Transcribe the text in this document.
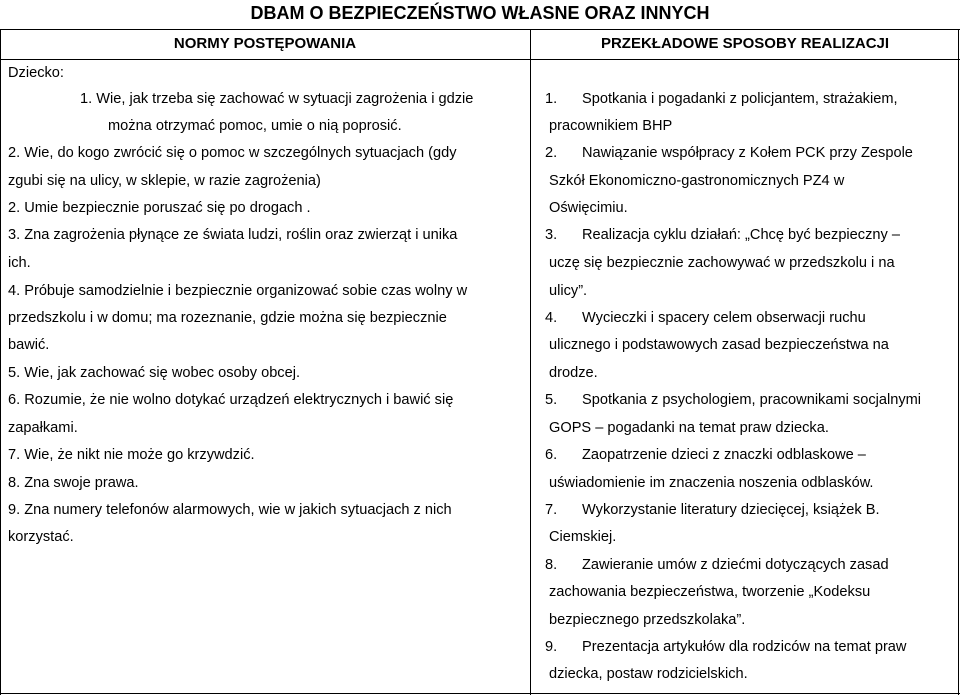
DBAM O BEZPIECZEŃSTWO WŁASNE ORAZ INNYCH
NORMY POSTĘPOWANIA	PRZEKŁADOWE SPOSOBY REALIZACJI
Dziecko:
1. Wie, jak trzeba się zachować w sytuacji zagrożenia i gdzie
można otrzymać pomoc, umie o nią poprosić.
2. Wie, do kogo zwrócić się o pomoc w szczególnych sytuacjach (gdy
zgubi się na ulicy, w sklepie, w razie zagrożenia)
2. Umie bezpiecznie poruszać się po drogach .
3. Zna zagrożenia płynące ze świata ludzi, roślin oraz zwierząt i unika
ich.
4. Próbuje samodzielnie i bezpiecznie organizować sobie czas wolny w
przedszkolu i w domu; ma rozeznanie, gdzie można się bezpiecznie
bawić.
5. Wie, jak zachować się wobec osoby obcej.
6. Rozumie, że nie wolno dotykać urządzeń elektrycznych i bawić się
zapałkami.
7. Wie, że nikt nie może go krzywdzić.
8. Zna swoje prawa.
9. Zna numery telefonów alarmowych, wie w jakich sytuacjach z nich
korzystać.
1. Spotkania i pogadanki z policjantem, strażakiem,
pracownikiem BHP
2. Nawiązanie współpracy z Kołem PCK przy Zespole
Szkół Ekonomiczno-gastronomicznych PZ4 w
Oświęcimiu.
3. Realizacja cyklu działań: „Chcę być bezpieczny –
uczę się bezpiecznie zachowywać w przedszkolu i na
ulicy”.
4. Wycieczki i spacery celem obserwacji ruchu
ulicznego i podstawowych zasad bezpieczeństwa na
drodze.
5. Spotkania z psychologiem, pracownikami socjalnymi
GOPS – pogadanki na temat praw dziecka.
6. Zaopatrzenie dzieci z znaczki odblaskowe –
uświadomienie im znaczenia noszenia odblasków.
7. Wykorzystanie literatury dziecięcej, książek B.
Ciemskiej.
8. Zawieranie umów z dziećmi dotyczących zasad
zachowania bezpieczeństwa, tworzenie „Kodeksu
bezpiecznego przedszkolaka”.
9. Prezentacja artykułów dla rodziców na temat praw
dziecka, postaw rodzicielskich.
